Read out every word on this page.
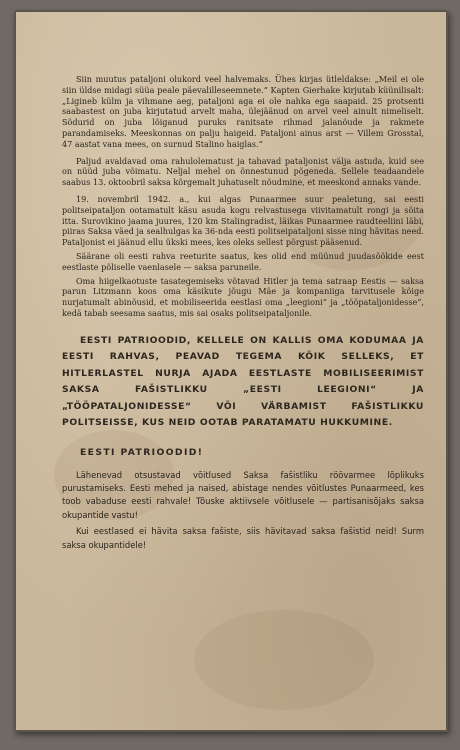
Siin muutus pataljoni olukord veel halvemaks. Ühes kirjas ütleldakse: „Meil ei ole siin üldse midagi süüa peale päevalilleseemnete.“ Kapten Gierhake kirjutab küünilisalt: „Ligineb külm ja vihmane aeg, pataljoni aga ei ole nahka ega saapaid. 25 protsenti saabastest on juba kirjutatud arvelt maha, ülejäänud on arvel veel ainult nimeliselt. Sõdurid on juba lõiganud puruks ranitsate rihmad jalanõude ja rakmete parandamiseks. Meeskonnas on palju haigeid. Pataljoni ainus arst — Villem Grosstal, 47 aastat vana mees, on surnud Stalino haiglas.“

Paljud avaldavad oma rahulolematust ja tahavad pataljonist välja astuda, kuid see on nüüd juba võimatu. Neljal mehel on õnnestunud põgeneda. Sellele teadaandele saabus 13. oktoobril saksa kõrgemalt juhatuselt nõudmine, et meeskond annaks vande.

19. novembril 1942. a., kui algas Punaarmee suur pealetung, sai eesti politseipataljon ootamatult käsu asuda kogu relvastusega viivitamatult rongi ja sõita itta. Surovikino jaama juures, 120 km Stalingradist, läikas Punaarmee raudteeliini läbi, piiras Saksa väed ja sealhulgas ka 36-nda eesti politseipataljoni sisse ning hävitas need. Pataljonist ei jäänud ellu ükski mees, kes oleks sellest põrgust pääsenud.

Säärane oli eesti rahva reeturite saatus, kes olid end müünud juudasöökide eest eestlaste põliselle vaenlasele — saksa paruneile.

Oma hiigelkaotuste tasategemiseks võtavad Hitler ja tema satraap Eestis — saksa parun Litzmann koos oma käsikute jõugu Mäe ja kompaniiga tarvitusele kõige nurjatumalt abinõusid, et mobiliseerida eestlasi oma „leegioni“ ja „tööpataljonidesse“, kedä tabab seesama saatus, mis sai osaks politseipataljonile.

EESTI PATRIOODID, KELLELE ON KALLIS OMA KODUMAA JA EESTI RAHVAS, PEAVAD TEGEMA KÕIK SELLEKS, ET HITLERLASTEL NURJA AJADA EESTLASTE MOBILISEERIMIST SAKSA FAŠISTLIKKU „EESTI LEEGIONI“ JA „TÖÖPATALJONIDESSE“ VÕI VÄRBAMIST FAŠISTLIKKU POLITSEISSE, KUS NEID OOTAB PARATAMATU HUKKUMINE.
EESTI PATRIOODID!

Lähenevad otsustavad võitlused Saksa fašistliku röövarmee lõplikuks purustamiseks. Eesti mehed ja naised, abistage nendes võitlustes Punaarmeed, kes toob vabaduse eesti rahvale! Tõuske aktiivsele võitlusele — partisanisõjaks saksa okupantide vastu!

Kui eestlased ei hävita saksa fašiste, siis hävitavad saksa fašistid neid! Surm saksa okupantidele!
